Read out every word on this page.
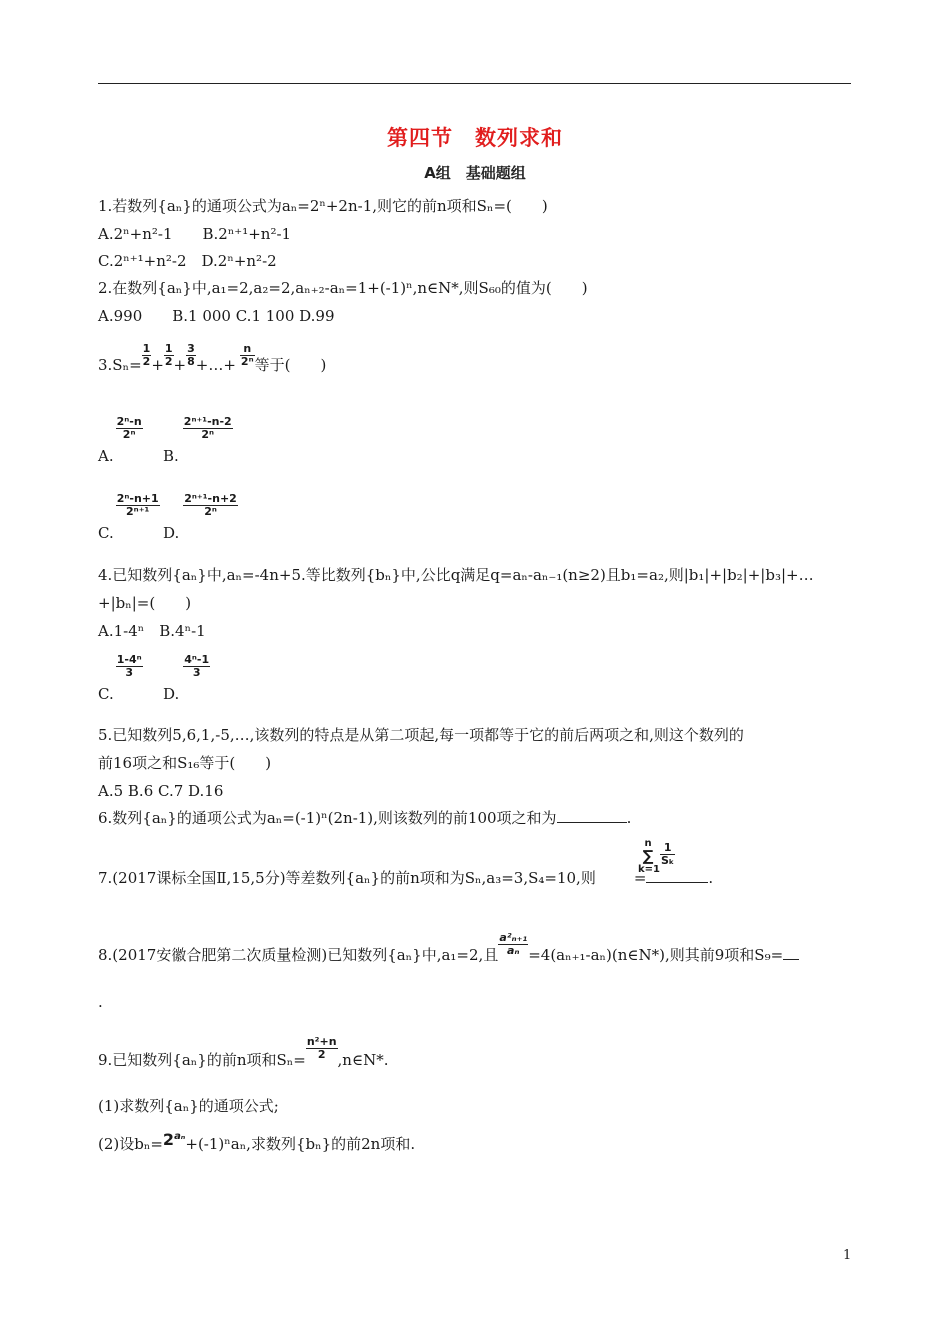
第四节　数列求和
A组　基础题组
1.若数列{aₙ}的通项公式为aₙ=2ⁿ+2n-1,则它的前n项和Sₙ=(　　)
A.2ⁿ+n²-1　　B.2ⁿ⁺¹+n²-1
C.2ⁿ⁺¹+n²-2　D.2ⁿ+n²-2
2.在数列{aₙ}中,a₁=2,a₂=2,aₙ₊₂-aₙ=1+(-1)ⁿ,n∈N*,则S₆₀的值为(　　)
A.990　　B.1 000 C.1 100 D.99
$3.S_n= \frac{1}{2} + \frac{1}{2} + \frac{3}{8}$ +…+ $\frac{n}{\text{2ⁿ}}$ 等于(　　)
A.
$\frac{\text{2ⁿ-n}}{\text{2ⁿ}}$
B.
$\frac{\text{2ⁿ⁺¹-n-2}}{\text{2ⁿ}}$
C.
$\frac{\text{2ⁿ-n+1}}{\text{2ⁿ⁺¹}}$
D.
$\frac{\text{2ⁿ⁺¹-n+2}}{\text{2ⁿ}}$
4.已知数列{aₙ}中,aₙ=-4n+5.等比数列{bₙ}中,公比q满足q=aₙ-aₙ₋₁(n≥2)且b₁=a₂,则|b₁|+|b₂|+|b₃|+…
+|bₙ|=(　　)
A.1-4ⁿ　B.4ⁿ-1
C.
$\frac{\text{1-4ⁿ}}{3}$
D.
$\frac{\text{4ⁿ-1}}{3}$
5.已知数列5,6,1,-5,…,该数列的特点是从第二项起,每一项都等于它的前后两项之和,则这个数列的
前16项之和S₁₆等于(　　)
A.5 B.6 C.7 D.16
6.数列{aₙ}的通项公式为aₙ=(-1)ⁿ(2n-1),则该数列的前100项之和为	.
7.(2017课标全国Ⅱ,15,5分)等差数列{aₙ}的前n项和为Sₙ,a₃=3,S₄=10,则
n
∑
k=1
$\frac{1}{\text{Sₖ}}$
=	.
8.(2017安徽合肥第二次质量检测)已知数列{aₙ}中,a₁=2,且 $\frac{\text{a²ₙ₊₁}}{\text{aₙ}}$ =4(aₙ₊₁-aₙ)(n∈N*),则其前9项和S₉=
.
9.已知数列{aₙ}的前n项和$S_n= \frac{\text{n²+n}}{2}$ ,n∈N*.
(1)求数列{aₙ}的通项公式;
(2)设$b_n=2^{a_n}+(-1)^na_n$,求数列{bₙ}的前2n项和.
1
